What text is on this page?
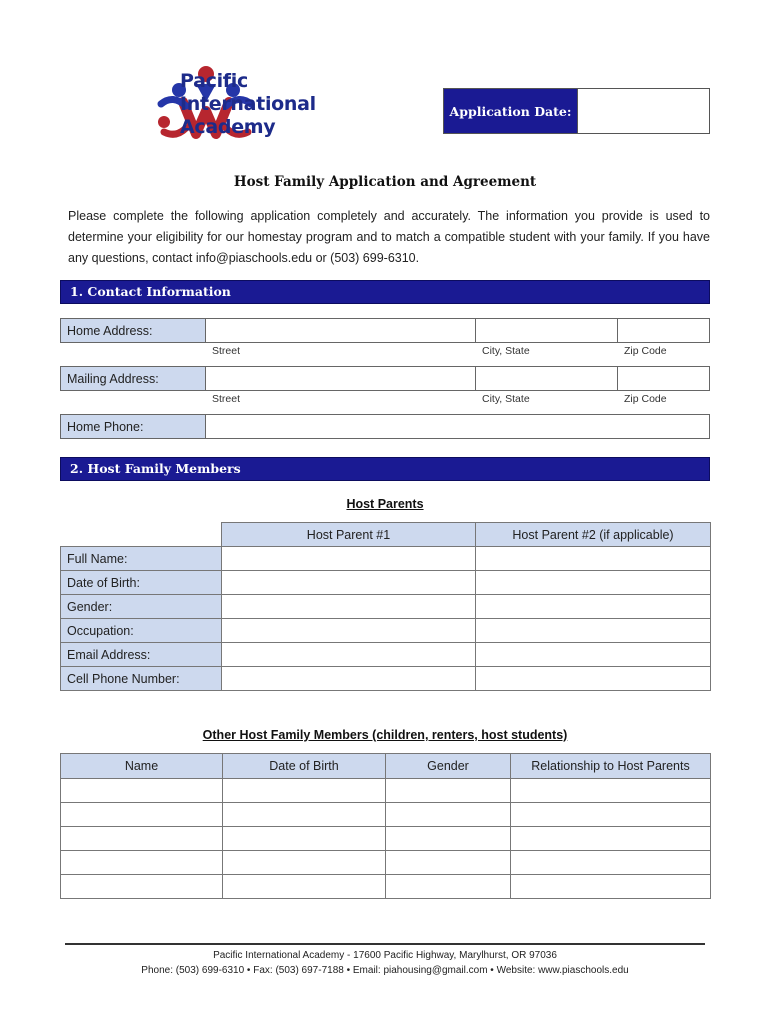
Pacific
International
Academy
Application Date:
Host Family Application and Agreement
Please complete the following application completely and accurately. The information you provide is used to determine your eligibility for our homestay program and to match a compatible student with your family. If you have any questions, contact info@piaschools.edu or (503) 699-6310.
1. Contact Information
Home Address:
Street	City, State	Zip Code
Mailing Address:
Street	City, State	Zip Code
Home Phone:
2. Host Family Members
Host Parents
	Host Parent #1	Host Parent #2 (if applicable)
Full Name:		
Date of Birth:		
Gender:		
Occupation:		
Email Address:		
Cell Phone Number:		
Other Host Family Members (children, renters, host students)
Name	Date of Birth	Gender	Relationship to Host Parents

Pacific International Academy - 17600 Pacific Highway, Marylhurst, OR 97036
Phone: (503) 699-6310 • Fax: (503) 697-7188 • Email: piahousing@gmail.com • Website: www.piaschools.edu
